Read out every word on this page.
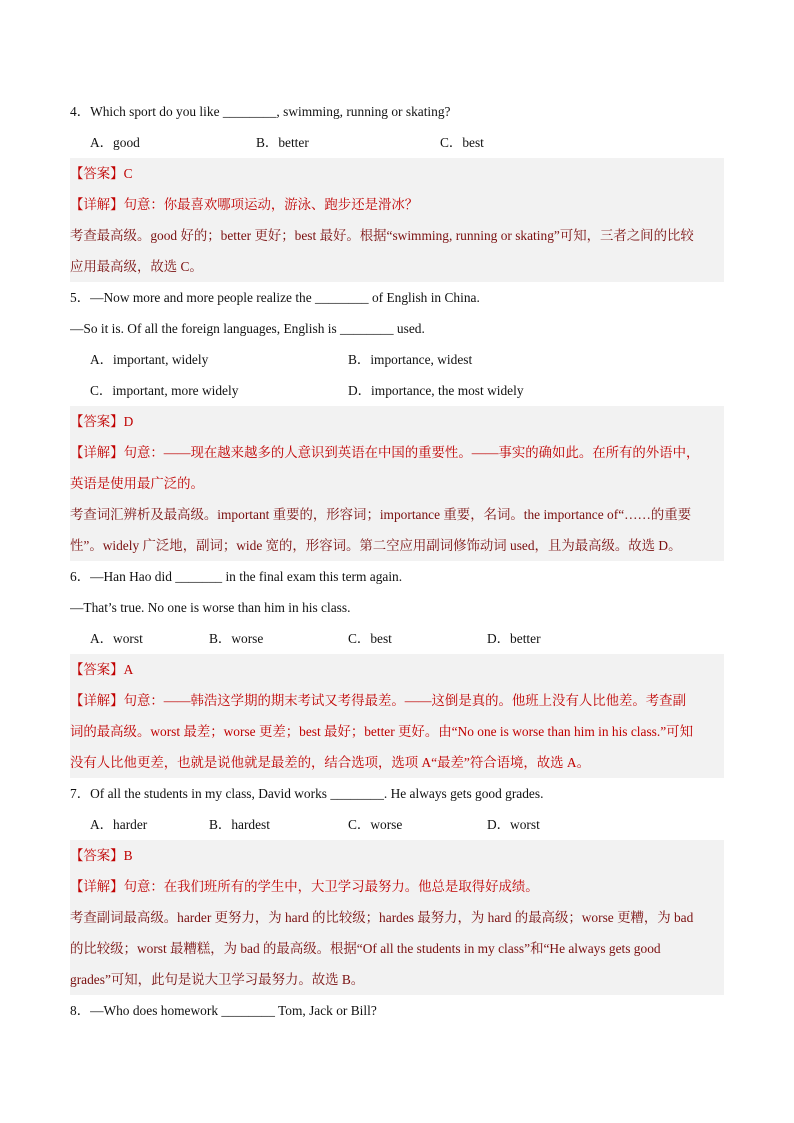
4．Which sport do you like ________, swimming, running or skating?
A．good	B．better	C．best
【答案】C

【详解】句意：你最喜欢哪项运动，游泳、跑步还是滑冰？

考查最高级。good 好的；better 更好；best 最好。根据“swimming, running or skating”可知，三者之间的比较

应用最高级，故选 C。

5．—Now more and more people realize the ________ of English in China.
—So it is. Of all the foreign languages, English is ________ used.
A．important, widely	B．importance, widest
C．important, more widely	D．importance, the most widely
【答案】D

【详解】句意：——现在越来越多的人意识到英语在中国的重要性。——事实的确如此。在所有的外语中，

英语是使用最广泛的。

考查词汇辨析及最高级。important 重要的，形容词；importance 重要，名词。the importance of“……的重要

性”。widely 广泛地，副词；wide 宽的，形容词。第二空应用副词修饰动词 used，且为最高级。故选 D。

6．—Han Hao did _______ in the final exam this term again.
—That’s true. No one is worse than him in his class.
A．worst	B．worse	C．best	D．better
【答案】A

【详解】句意：——韩浩这学期的期末考试又考得最差。——这倒是真的。他班上没有人比他差。考查副

词的最高级。worst 最差；worse 更差；best 最好；better 更好。由“No one is worse than him in his class.”可知

没有人比他更差，也就是说他就是最差的，结合选项，选项 A“最差”符合语境，故选 A。

7．Of all the students in my class, David works ________. He always gets good grades.
A．harder	B．hardest	C．worse	D．worst
【答案】B

【详解】句意：在我们班所有的学生中，大卫学习最努力。他总是取得好成绩。

考查副词最高级。harder 更努力，为 hard 的比较级；hardes 最努力，为 hard 的最高级；worse 更糟，为 bad

的比较级；worst 最糟糕，为 bad 的最高级。根据“Of all the students in my class”和“He always gets good

grades”可知，此句是说大卫学习最努力。故选 B。

8．—Who does homework ________ Tom, Jack or Bill?
